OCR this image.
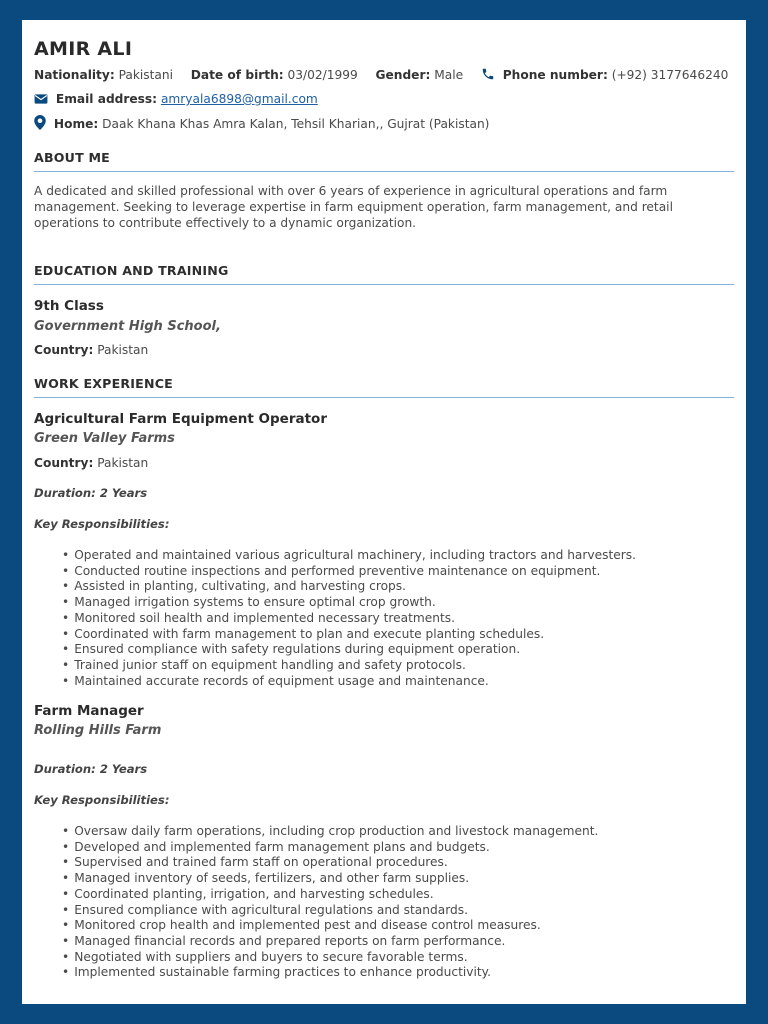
AMIR ALI
Nationality: Pakistani Date of birth: 03/02/1999 Gender: Male	Phone number: (+92) 3177646240
Email address: amryala6898@gmail.com
Home: Daak Khana Khas Amra Kalan, Tehsil Kharian,, Gujrat (Pakistan)
ABOUT ME
A dedicated and skilled professional with over 6 years of experience in agricultural operations and farm management. Seeking to leverage expertise in farm equipment operation, farm management, and retail operations to contribute effectively to a dynamic organization.
EDUCATION AND TRAINING
9th Class
Government High School,
Country: Pakistan
WORK EXPERIENCE
Agricultural Farm Equipment Operator
Green Valley Farms
Country: Pakistan
Duration: 2 Years
Key Responsibilities:
• Operated and maintained various agricultural machinery, including tractors and harvesters.
• Conducted routine inspections and performed preventive maintenance on equipment.
• Assisted in planting, cultivating, and harvesting crops.
• Managed irrigation systems to ensure optimal crop growth.
• Monitored soil health and implemented necessary treatments.
• Coordinated with farm management to plan and execute planting schedules.
• Ensured compliance with safety regulations during equipment operation.
• Trained junior staff on equipment handling and safety protocols.
• Maintained accurate records of equipment usage and maintenance.
Farm Manager
Rolling Hills Farm
Duration: 2 Years
Key Responsibilities:
• Oversaw daily farm operations, including crop production and livestock management.
• Developed and implemented farm management plans and budgets.
• Supervised and trained farm staff on operational procedures.
• Managed inventory of seeds, fertilizers, and other farm supplies.
• Coordinated planting, irrigation, and harvesting schedules.
• Ensured compliance with agricultural regulations and standards.
• Monitored crop health and implemented pest and disease control measures.
• Managed financial records and prepared reports on farm performance.
• Negotiated with suppliers and buyers to secure favorable terms.
• Implemented sustainable farming practices to enhance productivity.
